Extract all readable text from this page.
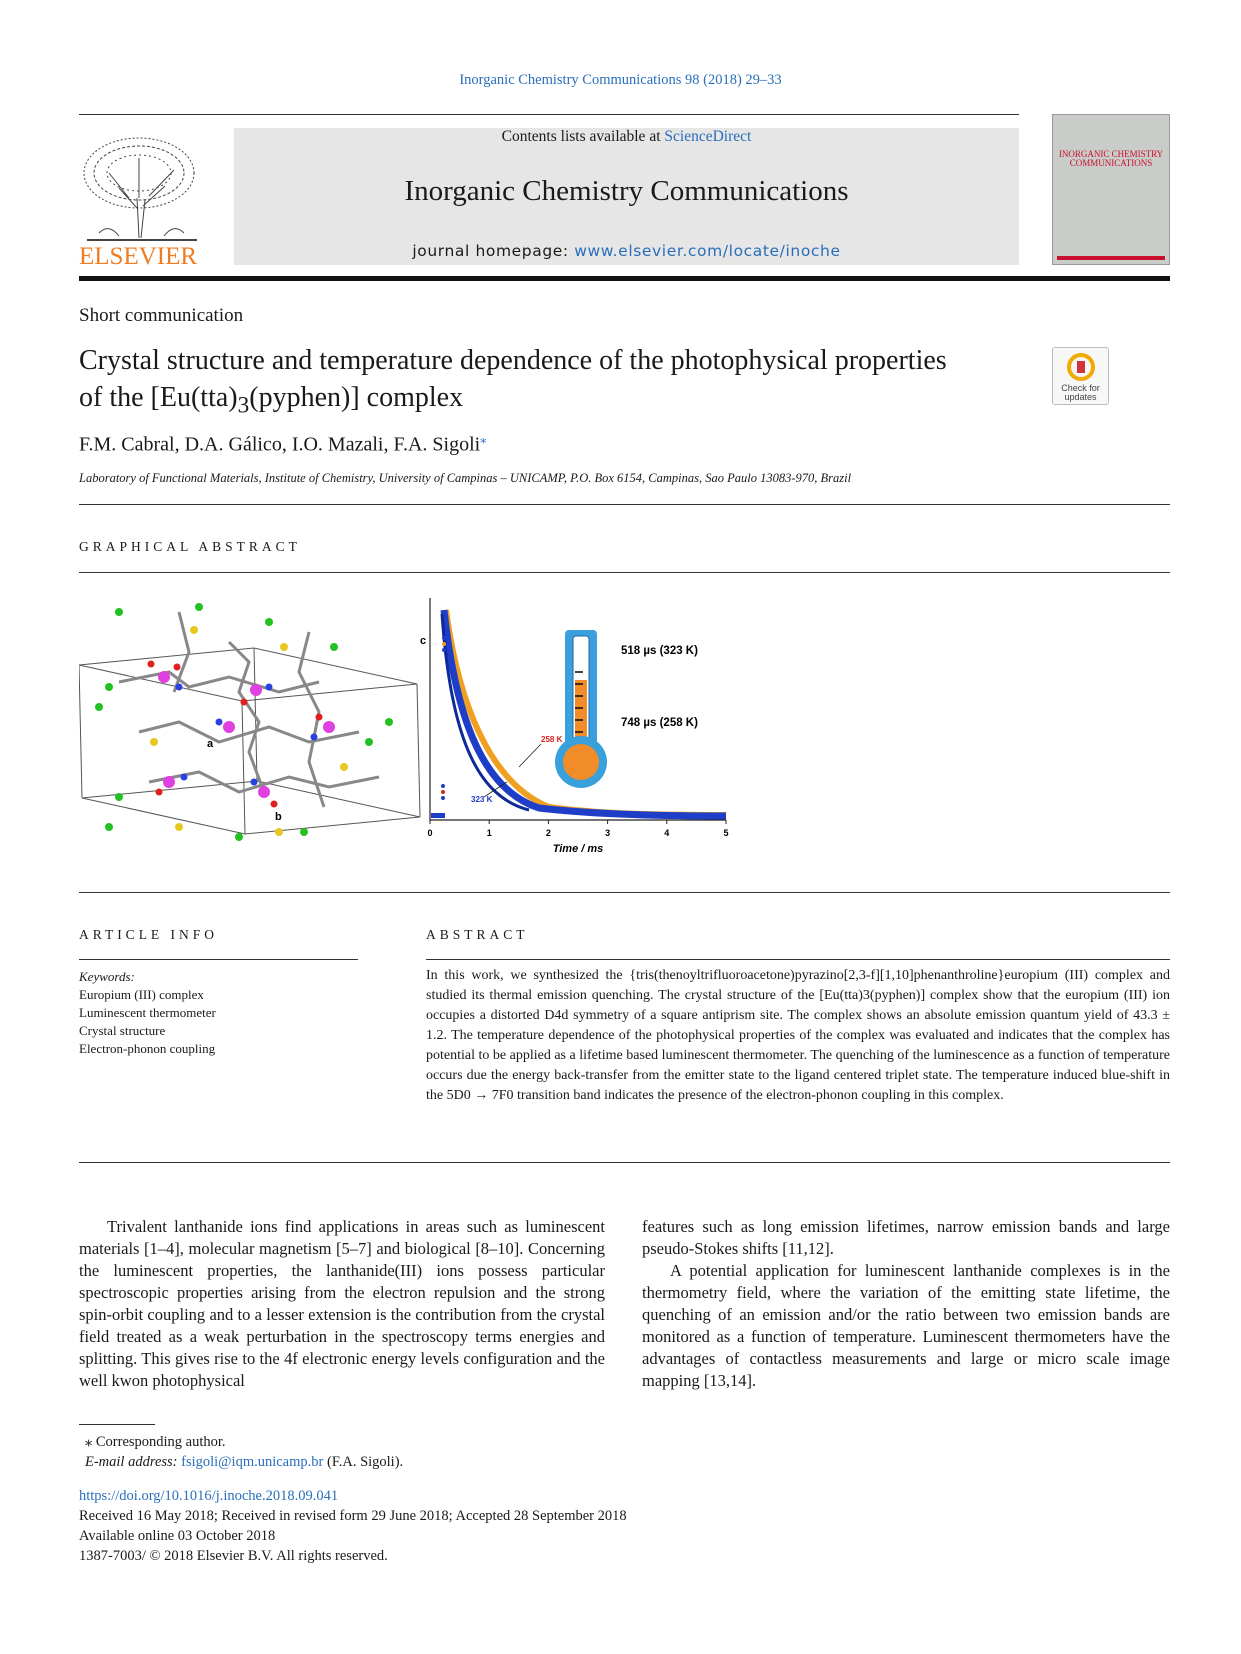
Inorganic Chemistry Communications 98 (2018) 29–33
ELSEVIER
Contents lists available at ScienceDirect
Inorganic Chemistry Communications
journal homepage: www.elsevier.com/locate/inoche
INORGANIC CHEMISTRY COMMUNICATIONS
Short communication
Crystal structure and temperature dependence of the photophysical properties of the $[Eu(tta)_3(pyphen)]$ complex	Check for updates
F.M. Cabral, D.A. Gálico, I.O. Mazali, F.A. Sigoli⁎
Laboratory of Functional Materials, Institute of Chemistry, University of Campinas – UNICAMP, P.O. Box 6154, Campinas, Sao Paulo 13083-970, Brazil
GRAPHICAL ABSTRACT
c
a
b
0	1	2	3	4	5
Time / ms
323 K
258 K
518 µs (323 K)
748 µs (258 K)
ARTICLE INFO	ABSTRACT
Keywords:
Europium (III) complex
Luminescent thermometer
Crystal structure
Electron-phonon coupling
In this work, we synthesized the {tris(thenoyltrifluoroacetone)pyrazino[2,3-f][1,10]phenanthroline}europium (III) complex and studied its thermal emission quenching. The crystal structure of the [Eu(tta)3(pyphen)] complex show that the europium (III) ion occupies a distorted D4d symmetry of a square antiprism site. The complex shows an absolute emission quantum yield of 43.3 ± 1.2. The temperature dependence of the photophysical properties of the complex was evaluated and indicates that the complex has potential to be applied as a lifetime based luminescent thermometer. The quenching of the luminescence as a function of temperature occurs due the energy back-transfer from the emitter state to the ligand centered triplet state. The temperature induced blue-shift in the 5D0 → 7F0 transition band indicates the presence of the electron-phonon coupling in this complex.
Trivalent lanthanide ions find applications in areas such as luminescent materials [1–4], molecular magnetism [5–7] and biological [8–10]. Concerning the luminescent properties, the lanthanide(III) ions possess particular spectroscopic properties arising from the electron repulsion and the strong spin-orbit coupling and to a lesser extension is the contribution from the crystal field treated as a weak perturbation in the spectroscopy terms energies and splitting. This gives rise to the 4f electronic energy levels configuration and the well kwon photophysical
features such as long emission lifetimes, narrow emission bands and large pseudo-Stokes shifts [11,12].
A potential application for luminescent lanthanide complexes is in the thermometry field, where the variation of the emitting state lifetime, the quenching of an emission and/or the ratio between two emission bands are monitored as a function of temperature. Luminescent thermometers have the advantages of contactless measurements and large or micro scale image mapping [13,14].
⁎ Corresponding author.
E-mail address: fsigoli@iqm.unicamp.br (F.A. Sigoli).
https://doi.org/10.1016/j.inoche.2018.09.041
Received 16 May 2018; Received in revised form 29 June 2018; Accepted 28 September 2018
Available online 03 October 2018
1387-7003/ © 2018 Elsevier B.V. All rights reserved.
